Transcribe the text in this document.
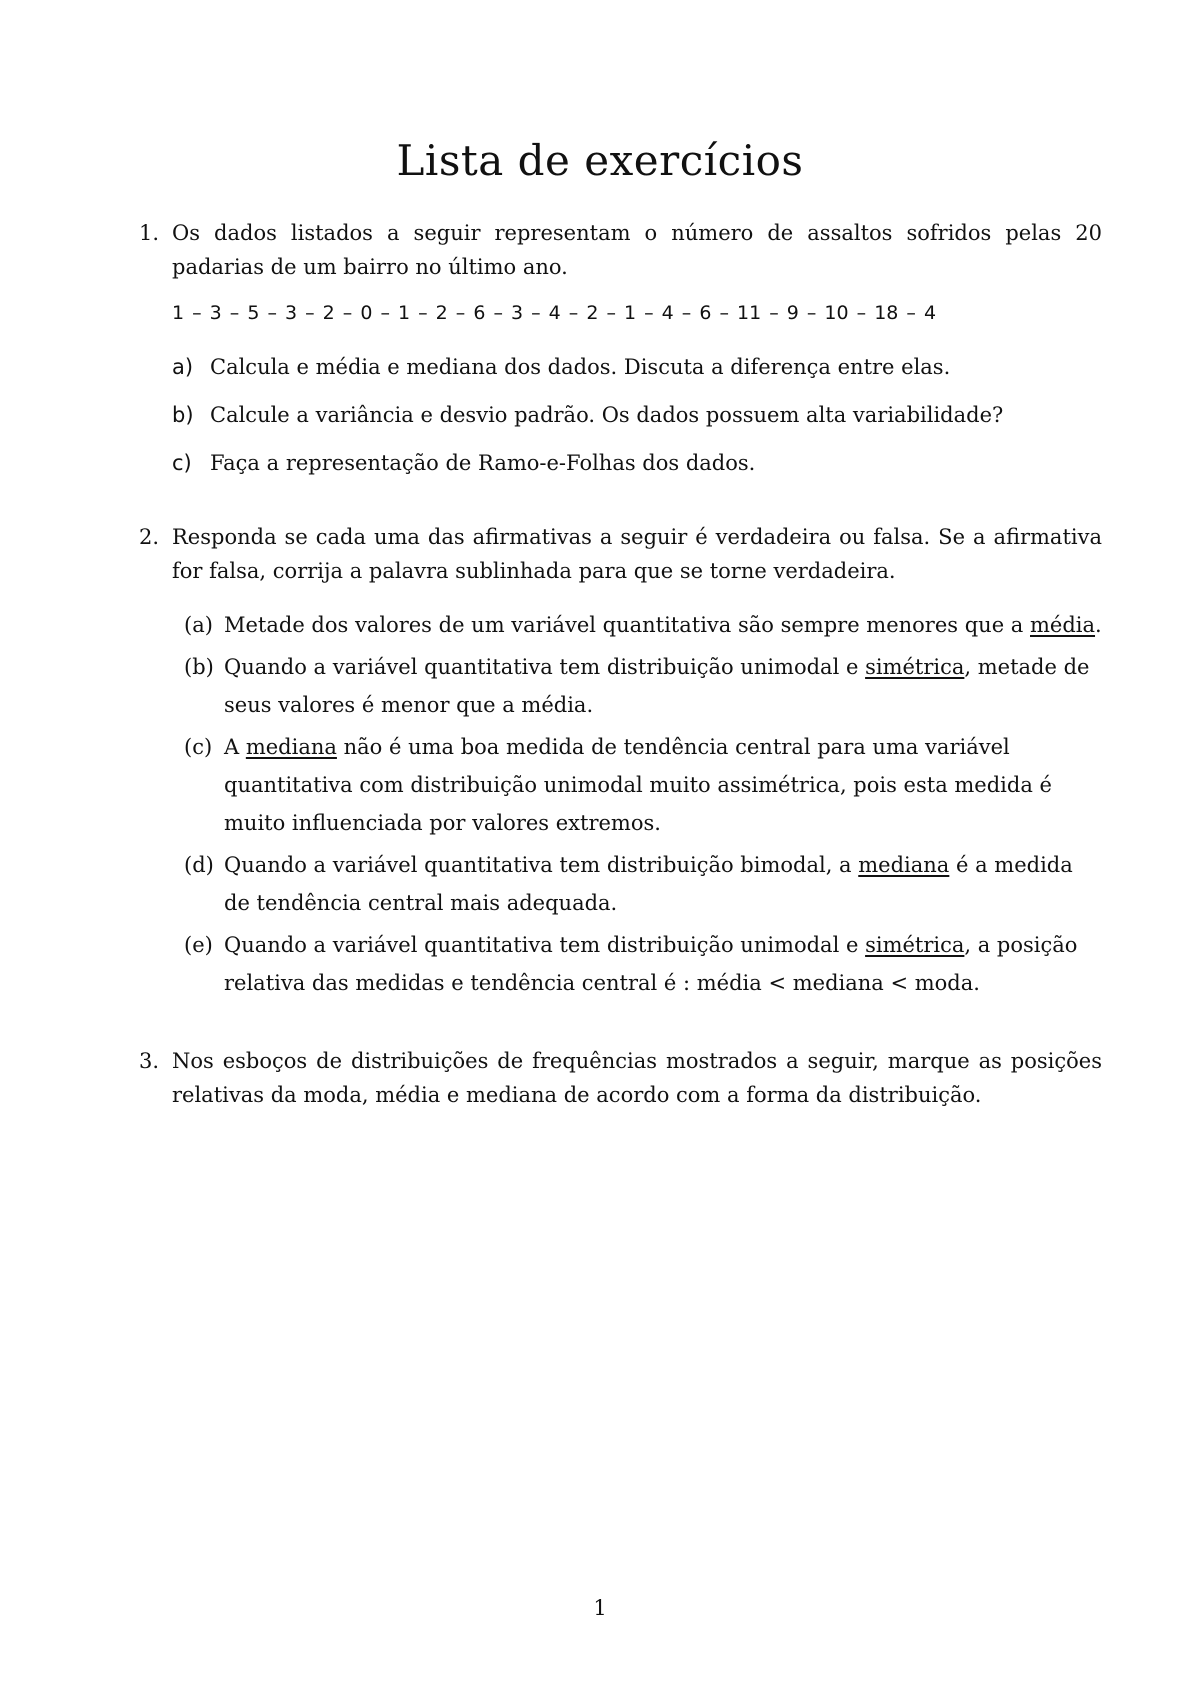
Lista de exercícios
1. Os dados listados a seguir representam o número de assaltos sofridos pelas 20 padarias de um bairro no último ano.
1 – 3 – 5 – 3 – 2 – 0 – 1 – 2 – 6 – 3 – 4 – 2 – 1 – 4 – 6 – 11 – 9 – 10 – 18 – 4
a) Calcula e média e mediana dos dados. Discuta a diferença entre elas.
b) Calcule a variância e desvio padrão. Os dados possuem alta variabilidade?
c) Faça a representação de Ramo-e-Folhas dos dados.
2. Responda se cada uma das afirmativas a seguir é verdadeira ou falsa. Se a afirmativa for falsa, corrija a palavra sublinhada para que se torne verdadeira.
(a) Metade dos valores de um variável quantitativa são sempre menores que a média.
(b) Quando a variável quantitativa tem distribuição unimodal e simétrica, metade de seus valores é menor que a média.
(c) A mediana não é uma boa medida de tendência central para uma variável quantitativa com distribuição unimodal muito assimétrica, pois esta medida é muito influenciada por valores extremos.
(d) Quando a variável quantitativa tem distribuição bimodal, a mediana é a medida de tendência central mais adequada.
(e) Quando a variável quantitativa tem distribuição unimodal e simétrica, a posição relativa das medidas e tendência central é : média < mediana < moda.
3. Nos esboços de distribuições de frequências mostrados a seguir, marque as posições relativas da moda, média e mediana de acordo com a forma da distribuição.
1
